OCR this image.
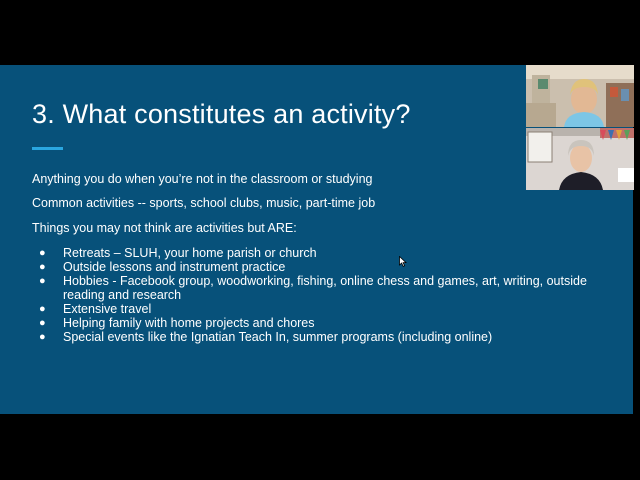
3. What constitutes an activity?
Anything you do when you’re not in the classroom or studying
Common activities -- sports, school clubs, music, part-time job
Things you may not think are activities but ARE:
● Retreats – SLUH, your home parish or church
● Outside lessons and instrument practice
● Hobbies - Facebook group, woodworking, fishing, online chess and games, art, writing, outside reading and research
● Extensive travel
● Helping family with home projects and chores
● Special events like the Ignatian Teach In, summer programs (including online)
